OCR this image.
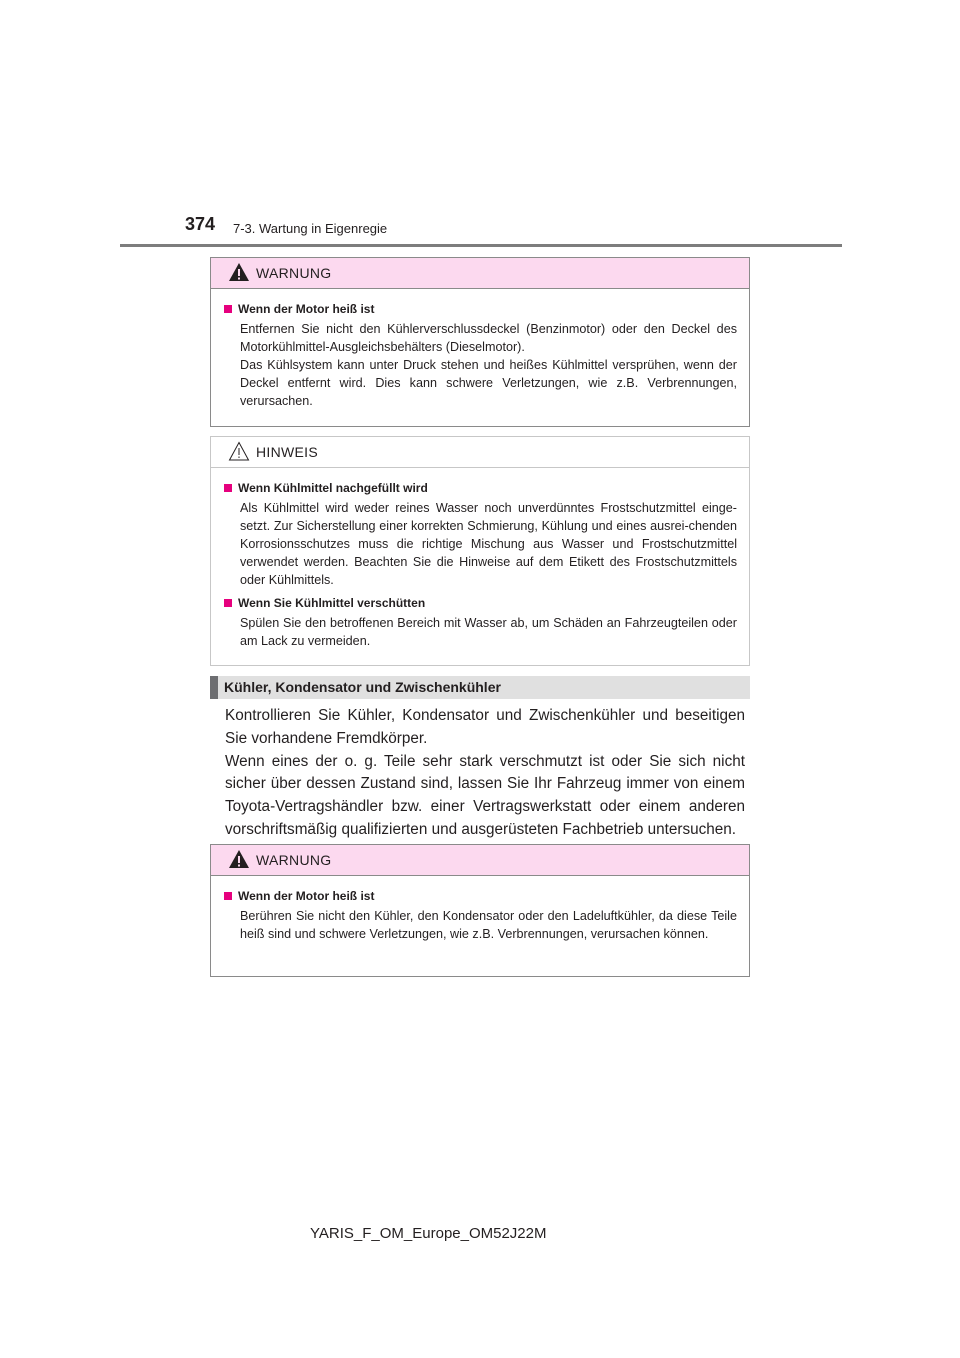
374 7-3. Wartung in Eigenregie
WARNUNG
Wenn der Motor heiß ist
Entfernen Sie nicht den Kühlerverschlussdeckel (Benzinmotor) oder den Deckel des Motorkühlmittel-Ausgleichsbehälters (Dieselmotor).
Das Kühlsystem kann unter Druck stehen und heißes Kühlmittel versprühen, wenn der Deckel entfernt wird. Dies kann schwere Verletzungen, wie z.B. Verbrennungen, verursachen.
HINWEIS
Wenn Kühlmittel nachgefüllt wird
Als Kühlmittel wird weder reines Wasser noch unverdünntes Frostschutzmittel einge-setzt. Zur Sicherstellung einer korrekten Schmierung, Kühlung und eines ausrei-chenden Korrosionsschutzes muss die richtige Mischung aus Wasser und Frostschutzmittel verwendet werden. Beachten Sie die Hinweise auf dem Etikett des Frostschutzmittels oder Kühlmittels.
Wenn Sie Kühlmittel verschütten
Spülen Sie den betroffenen Bereich mit Wasser ab, um Schäden an Fahrzeugteilen oder am Lack zu vermeiden.
Kühler, Kondensator und Zwischenkühler

Kontrollieren Sie Kühler, Kondensator und Zwischenkühler und beseitigen Sie vorhandene Fremdkörper.

Wenn eines der o. g. Teile sehr stark verschmutzt ist oder Sie sich nicht sicher über dessen Zustand sind, lassen Sie Ihr Fahrzeug immer von einem Toyota-Vertragshändler bzw. einer Vertragswerkstatt oder einem anderen vorschriftsmäßig qualifizierten und ausgerüsteten Fachbetrieb untersuchen.

WARNUNG
Wenn der Motor heiß ist
Berühren Sie nicht den Kühler, den Kondensator oder den Ladeluftkühler, da diese Teile heiß sind und schwere Verletzungen, wie z.B. Verbrennungen, verursachen können.
YARIS_F_OM_Europe_OM52J22M
